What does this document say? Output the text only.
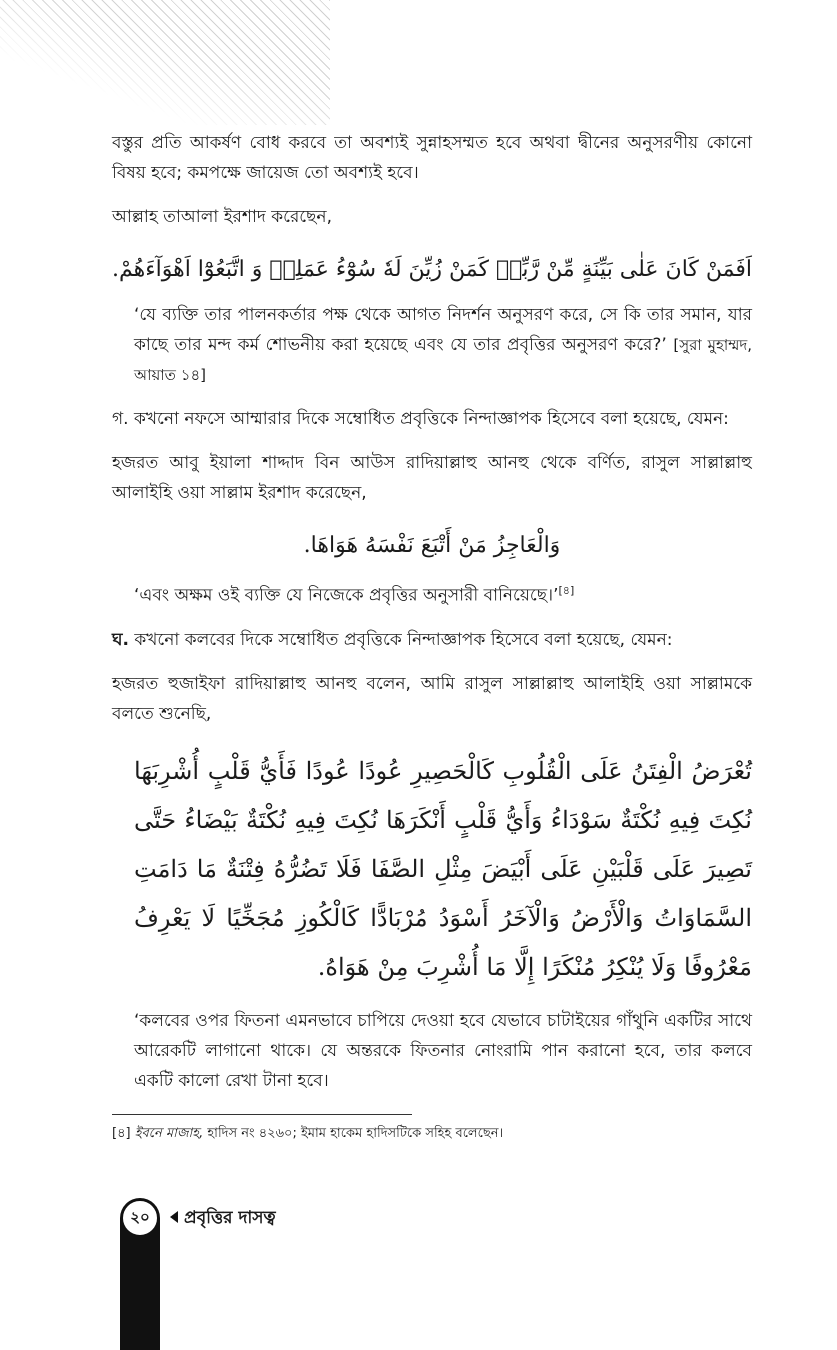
বস্তুর প্রতি আকর্ষণ বোধ করবে তা অবশ্যই সুন্নাহসম্মত হবে অথবা দ্বীনের অনুসরণীয় কোনো বিষয় হবে; কমপক্ষে জায়েজ তো অবশ্যই হবে।

আল্লাহ তাআলা ইরশাদ করেছেন,

اَفَمَنْ كَانَ عَلٰى بَيِّنَةٍ مِّنْ رَّبِّهٖ كَمَنْ زُيِّنَ لَهٗ سُوْٓءُ عَمَلِهٖ وَ اتَّبَعُوْٓا اَهْوَآءَهُمْ.

‘যে ব্যক্তি তার পালনকর্তার পক্ষ থেকে আগত নিদর্শন অনুসরণ করে, সে কি তার সমান, যার কাছে তার মন্দ কর্ম শোভনীয় করা হয়েছে এবং যে তার প্রবৃত্তির অনুসরণ করে?’ [সুরা মুহাম্মদ, আয়াত ১৪]

গ. কখনো নফসে আম্মারার দিকে সম্বোধিত প্রবৃত্তিকে নিন্দাজ্ঞাপক হিসেবে বলা হয়েছে, যেমন:

হজরত আবু ইয়ালা শাদ্দাদ বিন আউস রাদিয়াল্লাহু আনহু থেকে বর্ণিত, রাসুল সাল্লাল্লাহু আলাইহি ওয়া সাল্লাম ইরশাদ করেছেন,

وَالْعَاجِزُ مَنْ أَتْبَعَ نَفْسَهُ هَوَاهَا.

‘এবং অক্ষম ওই ব্যক্তি যে নিজেকে প্রবৃত্তির অনুসারী বানিয়েছে।’[৪]

ঘ. কখনো কলবের দিকে সম্বোধিত প্রবৃত্তিকে নিন্দাজ্ঞাপক হিসেবে বলা হয়েছে, যেমন:

হজরত হুজাইফা রাদিয়াল্লাহু আনহু বলেন, আমি রাসুল সাল্লাল্লাহু আলাইহি ওয়া সাল্লামকে বলতে শুনেছি,

تُعْرَضُ الْفِتَنُ عَلَى الْقُلُوبِ كَالْحَصِيرِ عُودًا عُودًا فَأَيُّ قَلْبٍ أُشْرِبَهَا نُكِتَ فِيهِ نُكْتَةٌ سَوْدَاءُ وَأَيُّ قَلْبٍ أَنْكَرَهَا نُكِتَ فِيهِ نُكْتَةٌ بَيْضَاءُ حَتَّى تَصِيرَ عَلَى قَلْبَيْنِ عَلَى أَبْيَضَ مِثْلِ الصَّفَا فَلَا تَضُرُّهُ فِتْنَةٌ مَا دَامَتِ السَّمَاوَاتُ وَالْأَرْضُ وَالْآخَرُ أَسْوَدُ مُرْبَادًّا كَالْكُوزِ مُجَخِّيًا لَا يَعْرِفُ مَعْرُوفًا وَلَا يُنْكِرُ مُنْكَرًا إِلَّا مَا أُشْرِبَ مِنْ هَوَاهُ.

‘কলবের ওপর ফিতনা এমনভাবে চাপিয়ে দেওয়া হবে যেভাবে চাটাইয়ের গাঁথুনি একটির সাথে আরেকটি লাগানো থাকে। যে অন্তরকে ফিতনার নোংরামি পান করানো হবে, তার কলবে একটি কালো রেখা টানা হবে।

[৪] ইবনে মাজাহ, হাদিস নং ৪২৬০; ইমাম হাকেম হাদিসটিকে সহিহ বলেছেন।

২০	প্রবৃত্তির দাসত্ব
